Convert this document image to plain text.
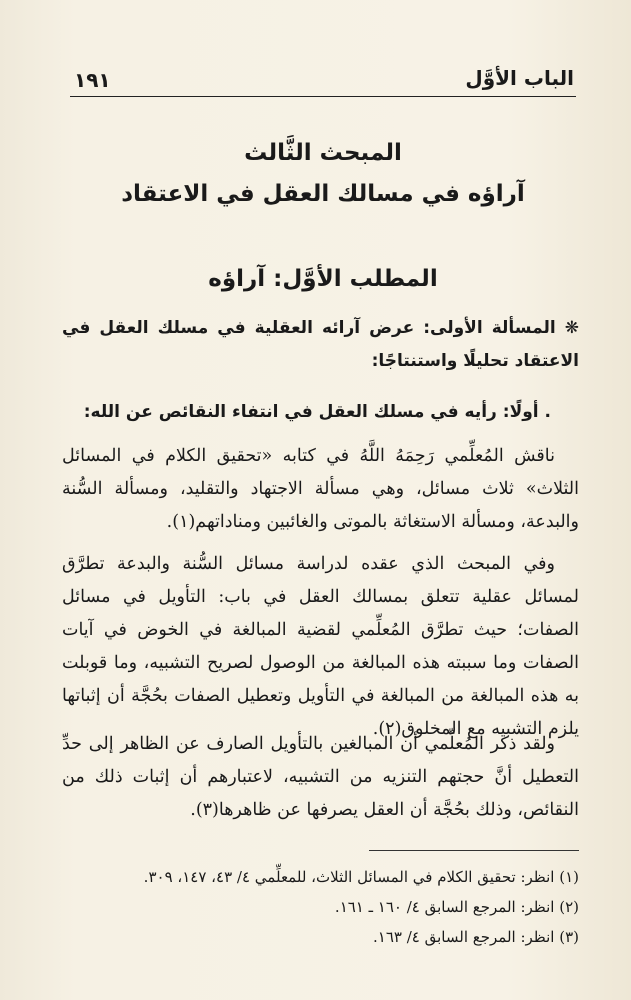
١٩١	الباب الأوَّل
المبحث الثَّالث
آراؤه في مسالك العقل في الاعتقاد
المطلب الأوَّل: آراؤه
❋ المسألة الأولى: عرض آرائه العقلية في مسلك العقل في الاعتقاد تحليلًا واستنتاجًا:
. أولًا: رأيه في مسلك العقل في انتفاء النقائص عن الله:
ناقش المُعلِّمي رَحِمَهُ اللَّهُ في كتابه «تحقيق الكلام في المسائل الثلاث» ثلاث مسائل، وهي مسألة الاجتهاد والتقليد، ومسألة السُّنة والبدعة، ومسألة الاستغاثة بالموتى والغائبين ومناداتهم(١).
وفي المبحث الذي عقده لدراسة مسائل السُّنة والبدعة تطرَّق لمسائل عقلية تتعلق بمسالك العقل في باب: التأويل في مسائل الصفات؛ حيث تطرَّق المُعلِّمي لقضية المبالغة في الخوض في آيات الصفات وما سببته هذه المبالغة من الوصول لصريح التشبيه، وما قوبلت به هذه المبالغة من المبالغة في التأويل وتعطيل الصفات بحُجَّة أن إثباتها يلزم التشبيه مع المخلوق(٢).
ولقد ذكر المُعلِّمي أن المبالغين بالتأويل الصارف عن الظاهر إلى حدِّ التعطيل أنَّ حجتهم التنزيه من التشبيه، لاعتبارهم أن إثبات ذلك من النقائص، وذلك بحُجَّة أن العقل يصرفها عن ظاهرها(٣).
(١) انظر: تحقيق الكلام في المسائل الثلاث، للمعلِّمي ٤/ ٤٣، ١٤٧، ٣٠٩.
(٢) انظر: المرجع السابق ٤/ ١٦٠ ـ ١٦١.
(٣) انظر: المرجع السابق ٤/ ١٦٣.
